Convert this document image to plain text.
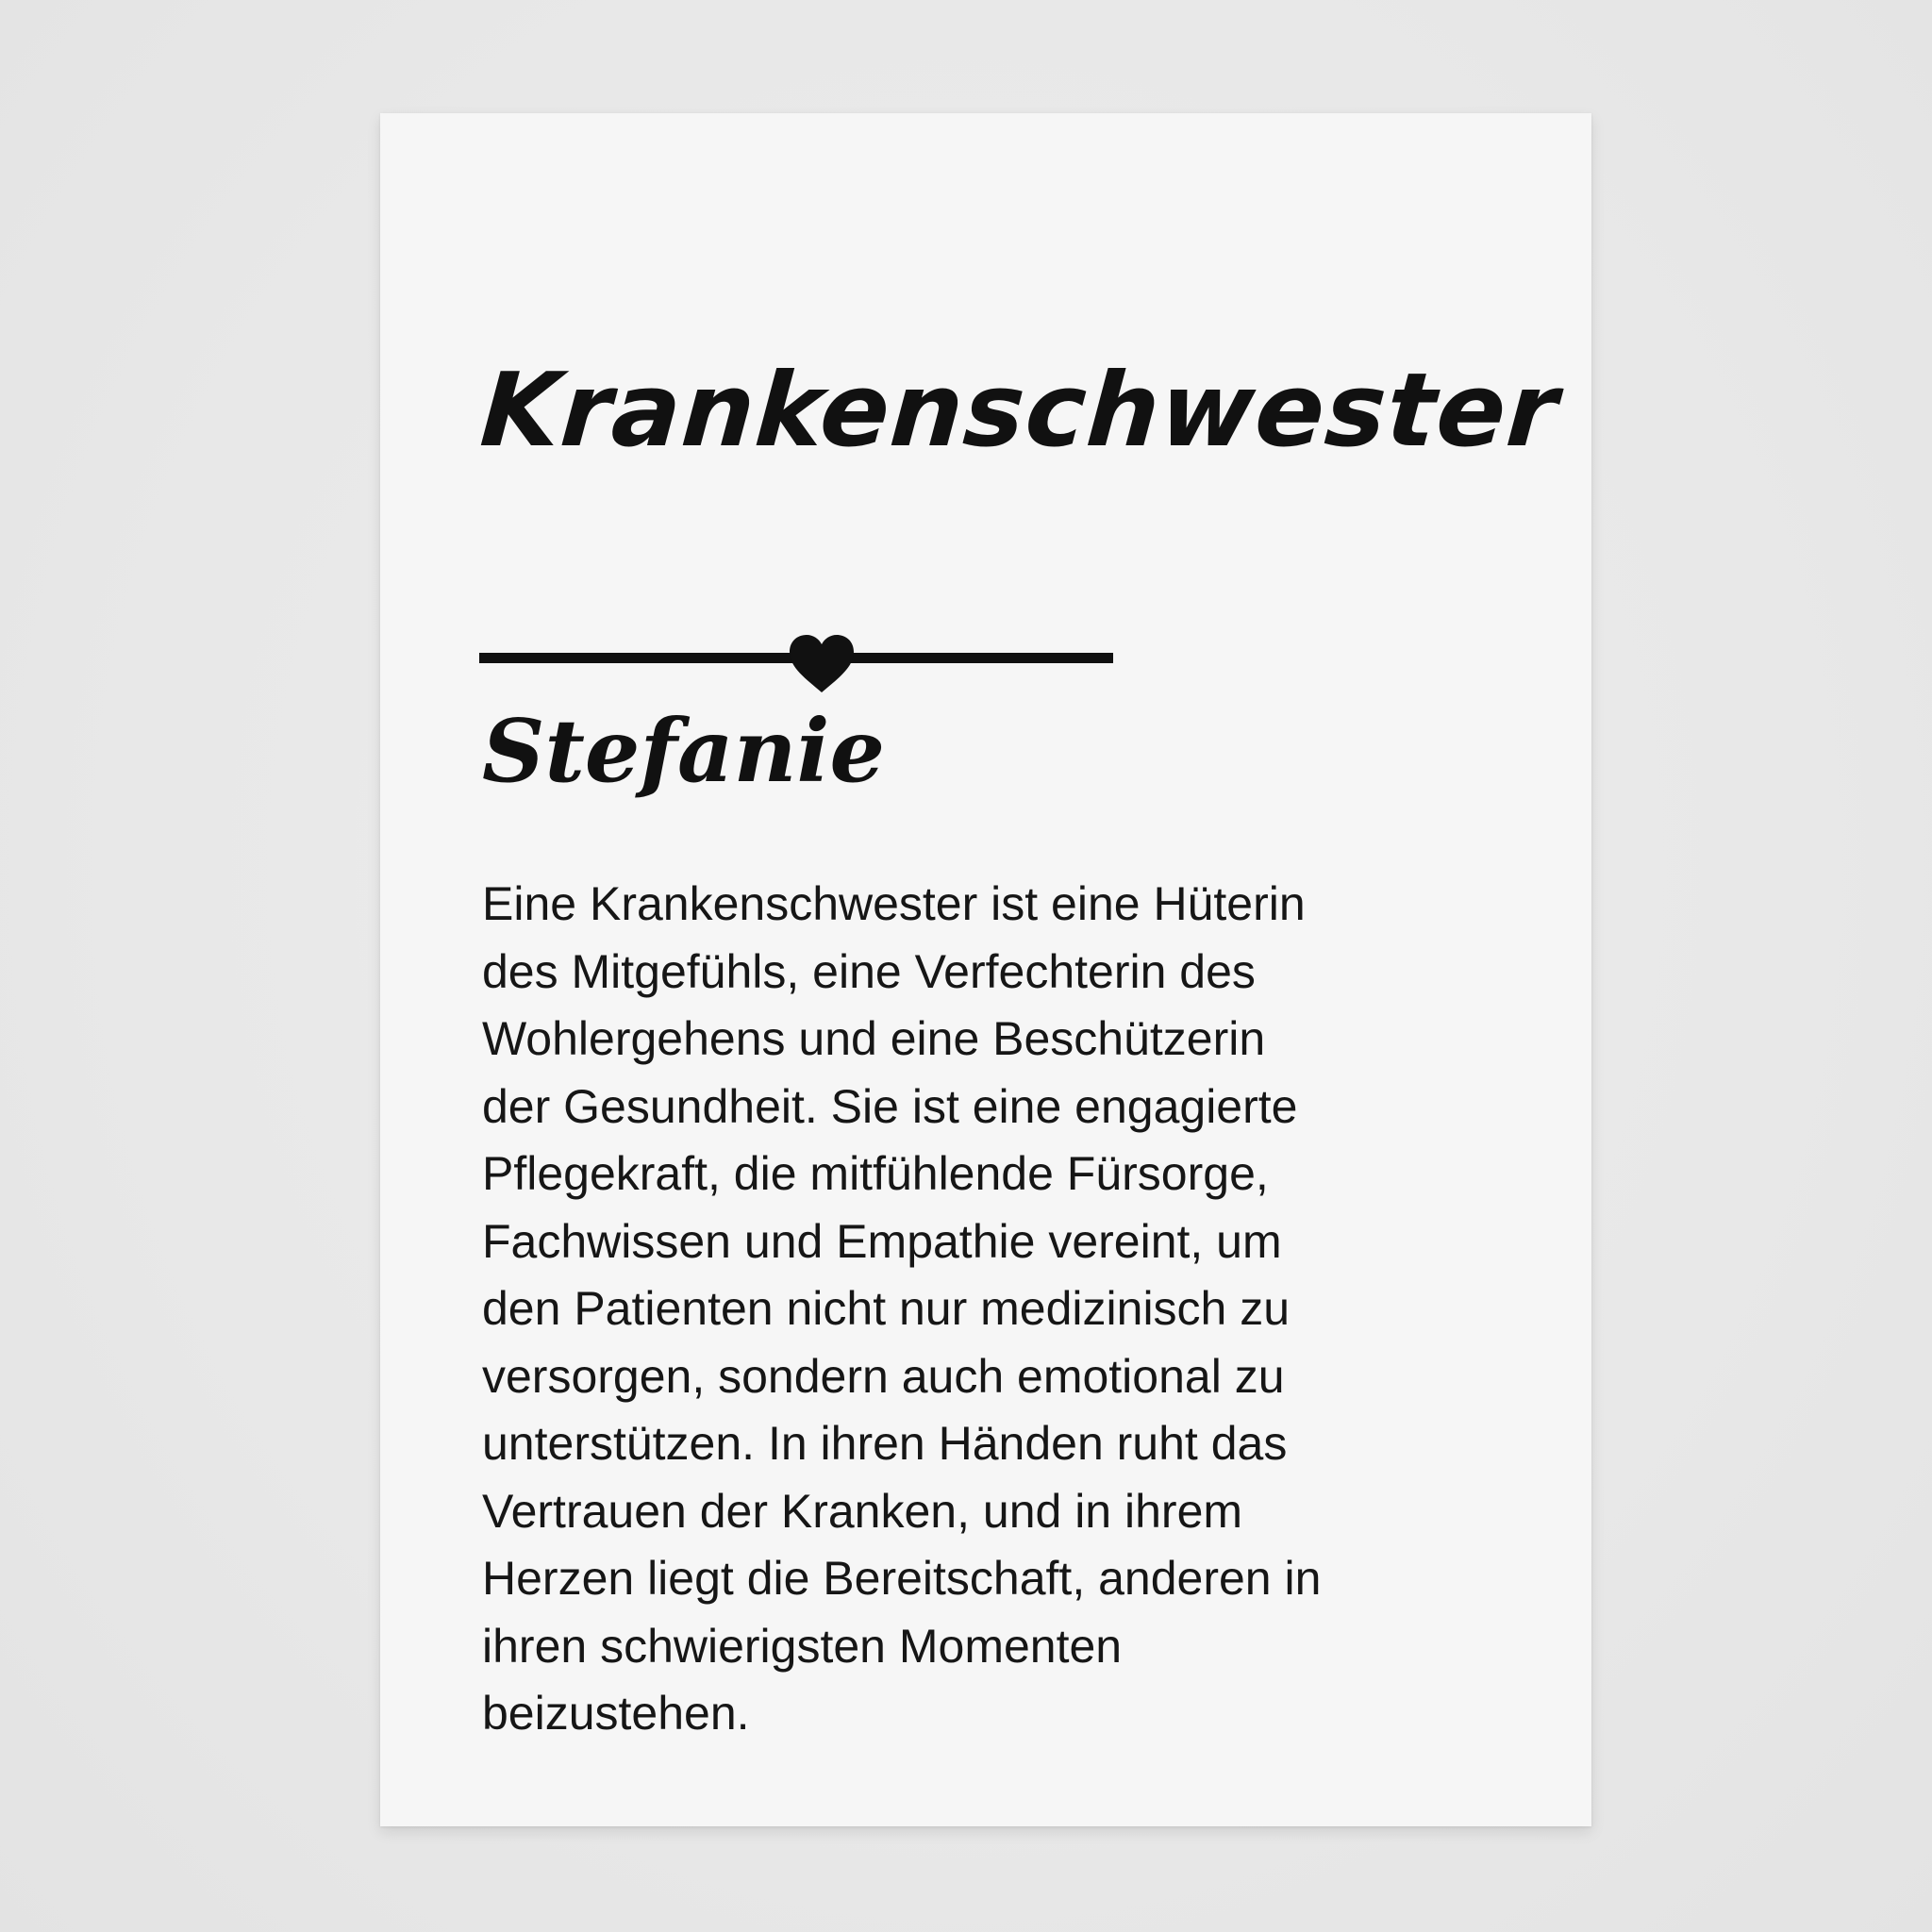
Krankenschwester
Stefanie

Eine Krankenschwester ist eine Hüterin
des Mitgefühls, eine Verfechterin des
Wohlergehens und eine Beschützerin
der Gesundheit. Sie ist eine engagierte
Pflegekraft, die mitfühlende Fürsorge,
Fachwissen und Empathie vereint, um
den Patienten nicht nur medizinisch zu
versorgen, sondern auch emotional zu
unterstützen. In ihren Händen ruht das
Vertrauen der Kranken, und in ihrem
Herzen liegt die Bereitschaft, anderen in
ihren schwierigsten Momenten
beizustehen.
